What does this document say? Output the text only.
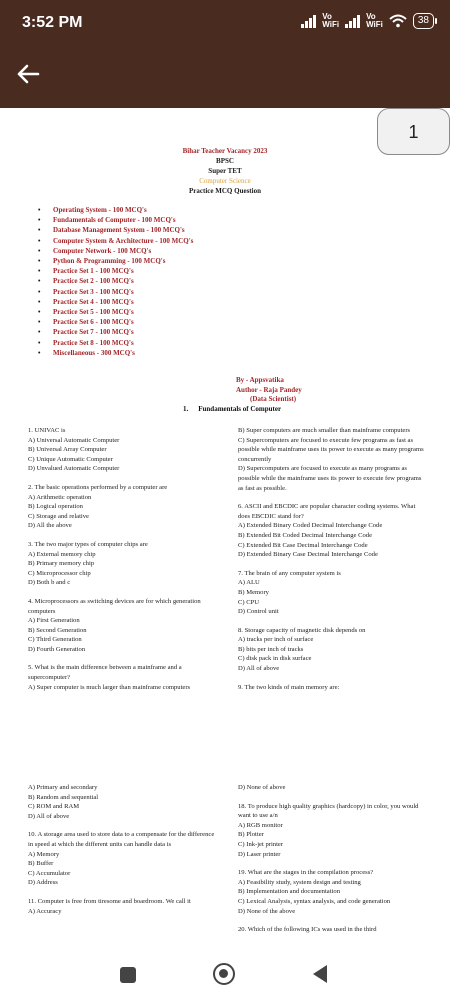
3:52 PM	Vo
WiFi
Vo
WiFi	38
Bihar Teacher Vacancy 2023
BPSC
Super TET
Computer Science
Practice MCQ Question
• Operating System - 100 MCQ's
• Fundamentals of Computer - 100 MCQ's
• Database Management System - 100 MCQ's
• Computer System & Architecture - 100 MCQ's
• Computer Network - 100 MCQ's
• Python & Programming - 100 MCQ's
• Practice Set 1 - 100 MCQ's
• Practice Set 2 - 100 MCQ's
• Practice Set 3 - 100 MCQ's
• Practice Set 4 - 100 MCQ's
• Practice Set 5 - 100 MCQ's
• Practice Set 6 - 100 MCQ's
• Practice Set 7 - 100 MCQ's
• Practice Set 8 - 100 MCQ's
• Miscellaneous - 300 MCQ's
By - Appsvatika
Author - Raja Pandey
(Data Scientist)
1. Fundamentals of Computer

1. UNIVAC is

A) Universal Automatic Computer

B) Universal Array Computer

C) Unique Automatic Computer

D) Unvalued Automatic Computer

2. The basic operations performed by a computer are

A) Arithmetic operation

B) Logical operation

C) Storage and relative

D) All the above

3. The two major types of computer chips are

A) External memory chip

B) Primary memory chip

C) Microprocessor chip

D) Both b and c

4. Microprocessors as switching devices are for which generation computers

A) First Generation

B) Second Generation

C) Third Generation

D) Fourth Generation

5. What is the main difference between a mainframe and a supercomputer?

A) Super computer is much larger than mainframe computers

B) Super computers are much smaller than mainframe computers

C) Supercomputers are focused to execute few programs as fast as possible while mainframe uses its power to execute as many programs concurrently

D) Supercomputers are focused to execute as many programs as possible while the mainframe uses its power to execute few programs as fast as possible.

6. ASCII and EBCDIC are popular character coding systems. What does EBCDIC stand for?

A) Extended Binary Coded Decimal Interchange Code

B) Extended Bit Coded Decimal Interchange Code

C) Extended Bit Case Decimal Interchange Code

D) Extended Binary Case Decimal Interchange Code

7. The brain of any computer system is

A) ALU

B) Memory

C) CPU

D) Control unit

8. Storage capacity of magnetic disk depends on

A) tracks per inch of surface

B) bits per inch of tracks

C) disk pack in disk surface

D) All of above

9. The two kinds of main memory are:

A) Primary and secondary

B) Random and sequential

C) ROM and RAM

D) All of above

10. A storage area used to store data to a compensate for the difference in speed at which the different units can handle data is

A) Memory

B) Buffer

C) Accumulator

D) Address

11. Computer is free from tiresome and boardroom. We call it

A) Accuracy

D) None of above

18. To produce high quality graphics (hardcopy) in color, you would want to use a/n

A) RGB monitor

B) Plotter

C) Ink-jet printer

D) Laser printer

19. What are the stages in the compilation process?

A) Feasibility study, system design and testing

B) Implementation and documentation

C) Lexical Analysis, syntax analysis, and code generation

D) None of the above

20. Which of the following ICs was used in the third

1
